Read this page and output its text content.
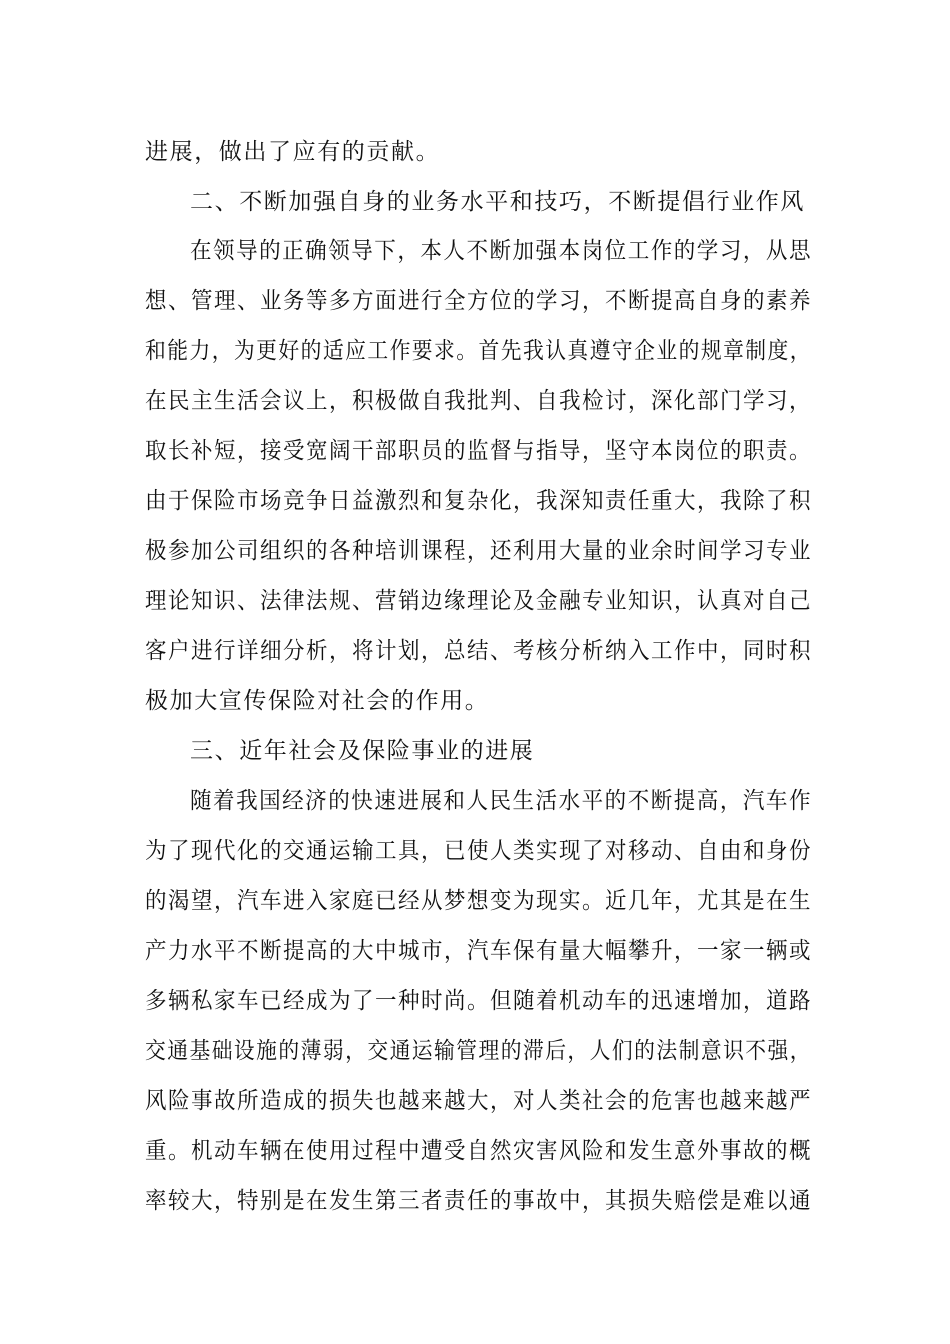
进展，做出了应有的贡献。
二、不断加强自身的业务水平和技巧，不断提倡行业作风
在领导的正确领导下，本人不断加强本岗位工作的学习，从思
想、管理、业务等多方面进行全方位的学习，不断提高自身的素养
和能力，为更好的适应工作要求。首先我认真遵守企业的规章制度，
在民主生活会议上，积极做自我批判、自我检讨，深化部门学习，
取长补短，接受宽阔干部职员的监督与指导，坚守本岗位的职责。
由于保险市场竞争日益激烈和复杂化，我深知责任重大，我除了积
极参加公司组织的各种培训课程，还利用大量的业余时间学习专业
理论知识、法律法规、营销边缘理论及金融专业知识，认真对自己
客户进行详细分析，将计划，总结、考核分析纳入工作中，同时积
极加大宣传保险对社会的作用。
三、近年社会及保险事业的进展
随着我国经济的快速进展和人民生活水平的不断提高，汽车作
为了现代化的交通运输工具，已使人类实现了对移动、自由和身份
的渴望，汽车进入家庭已经从梦想变为现实。近几年，尤其是在生
产力水平不断提高的大中城市，汽车保有量大幅攀升，一家一辆或
多辆私家车已经成为了一种时尚。但随着机动车的迅速增加，道路
交通基础设施的薄弱，交通运输管理的滞后，人们的法制意识不强，
风险事故所造成的损失也越来越大，对人类社会的危害也越来越严
重。机动车辆在使用过程中遭受自然灾害风险和发生意外事故的概
率较大，特别是在发生第三者责任的事故中，其损失赔偿是难以通
